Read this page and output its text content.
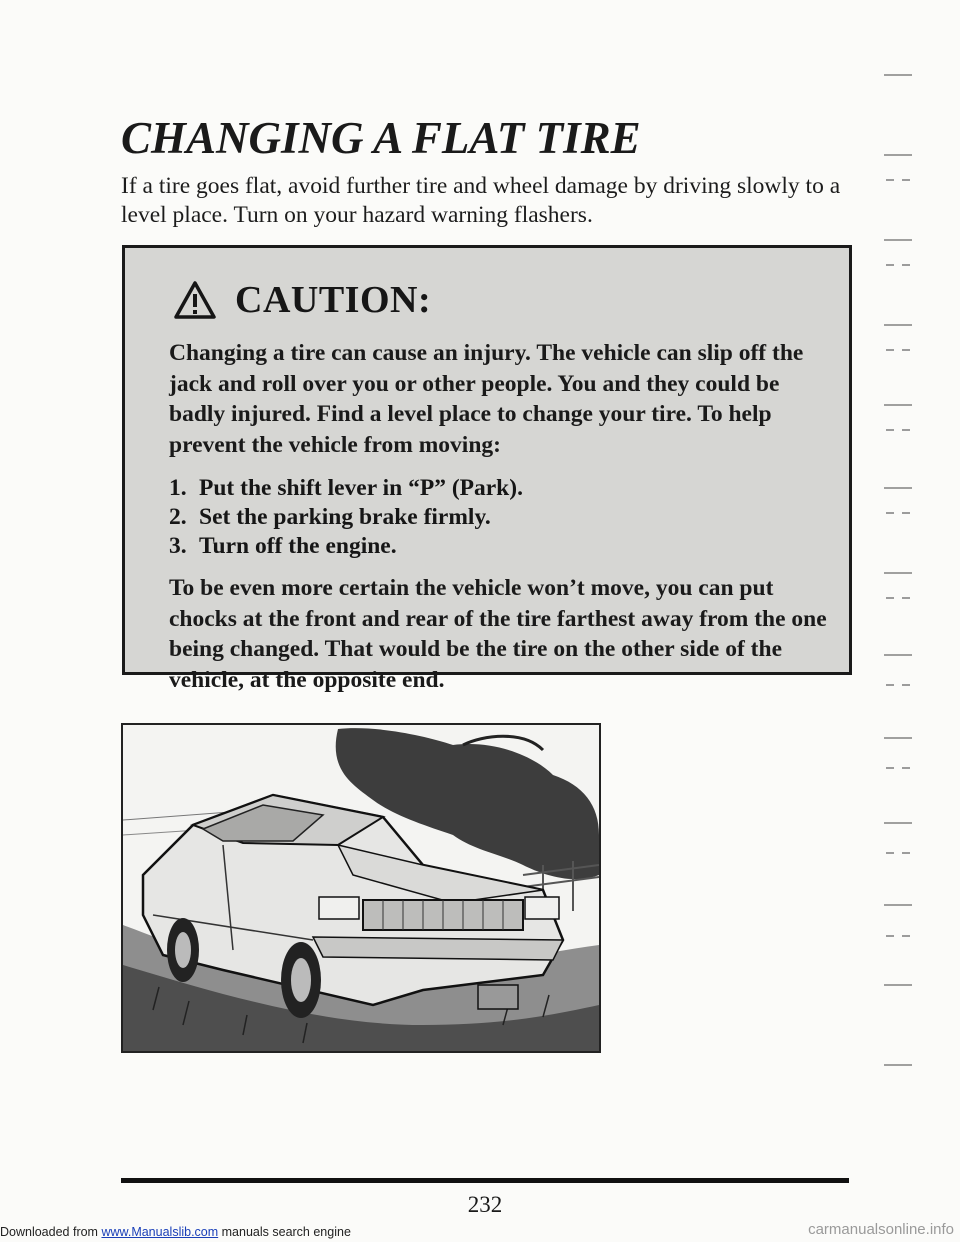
CHANGING A FLAT TIRE

If a tire goes flat, avoid further tire and wheel damage by driving slowly to a level place. Turn on your hazard warning flashers.

CAUTION:

Changing a tire can cause an injury. The vehicle can slip off the jack and roll over you or other people. You and they could be badly injured. Find a level place to change your tire. To help prevent the vehicle from moving:

1. Put the shift lever in “P” (Park).
2. Set the parking brake firmly.
3. Turn off the engine.

To be even more certain the vehicle won’t move, you can put chocks at the front and rear of the tire farthest away from the one being changed. That would be the tire on the other side of the vehicle, at the opposite end.

232
Downloaded from www.Manualslib.com manuals search engine	carmanualsonline.info
